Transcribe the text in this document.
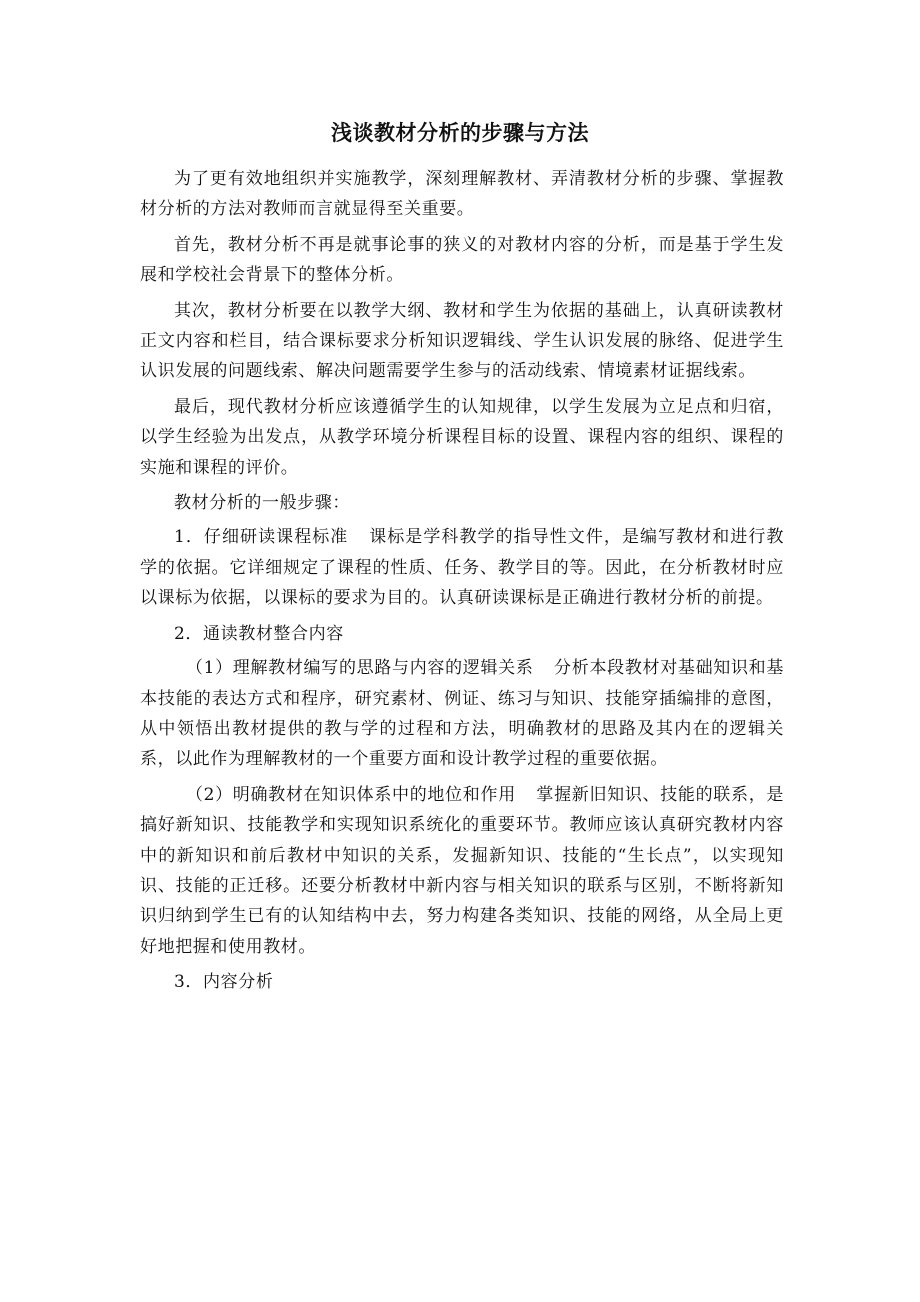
浅谈教材分析的步骤与方法

为了更有效地组织并实施教学，深刻理解教材、弄清教材分析的步骤、掌握教材分析的方法对教师而言就显得至关重要。

首先，教材分析不再是就事论事的狭义的对教材内容的分析，而是基于学生发展和学校社会背景下的整体分析。

其次，教材分析要在以教学大纲、教材和学生为依据的基础上，认真研读教材正文内容和栏目，结合课标要求分析知识逻辑线、学生认识发展的脉络、促进学生认识发展的问题线索、解决问题需要学生参与的活动线索、情境素材证据线索。

最后，现代教材分析应该遵循学生的认知规律，以学生发展为立足点和归宿，以学生经验为出发点，从教学环境分析课程目标的设置、课程内容的组织、课程的实施和课程的评价。

教材分析的一般步骤：

1．仔细研读课程标准 课标是学科教学的指导性文件，是编写教材和进行教学的依据。它详细规定了课程的性质、任务、教学目的等。因此，在分析教材时应以课标为依据，以课标的要求为目的。认真研读课标是正确进行教材分析的前提。

2．通读教材整合内容

（1）理解教材编写的思路与内容的逻辑关系 分析本段教材对基础知识和基本技能的表达方式和程序，研究素材、例证、练习与知识、技能穿插编排的意图，从中领悟出教材提供的教与学的过程和方法，明确教材的思路及其内在的逻辑关系，以此作为理解教材的一个重要方面和设计教学过程的重要依据。

（2）明确教材在知识体系中的地位和作用 掌握新旧知识、技能的联系，是搞好新知识、技能教学和实现知识系统化的重要环节。教师应该认真研究教材内容中的新知识和前后教材中知识的关系，发掘新知识、技能的“生长点”，以实现知识、技能的正迁移。还要分析教材中新内容与相关知识的联系与区别，不断将新知识归纳到学生已有的认知结构中去，努力构建各类知识、技能的网络，从全局上更好地把握和使用教材。

3．内容分析
